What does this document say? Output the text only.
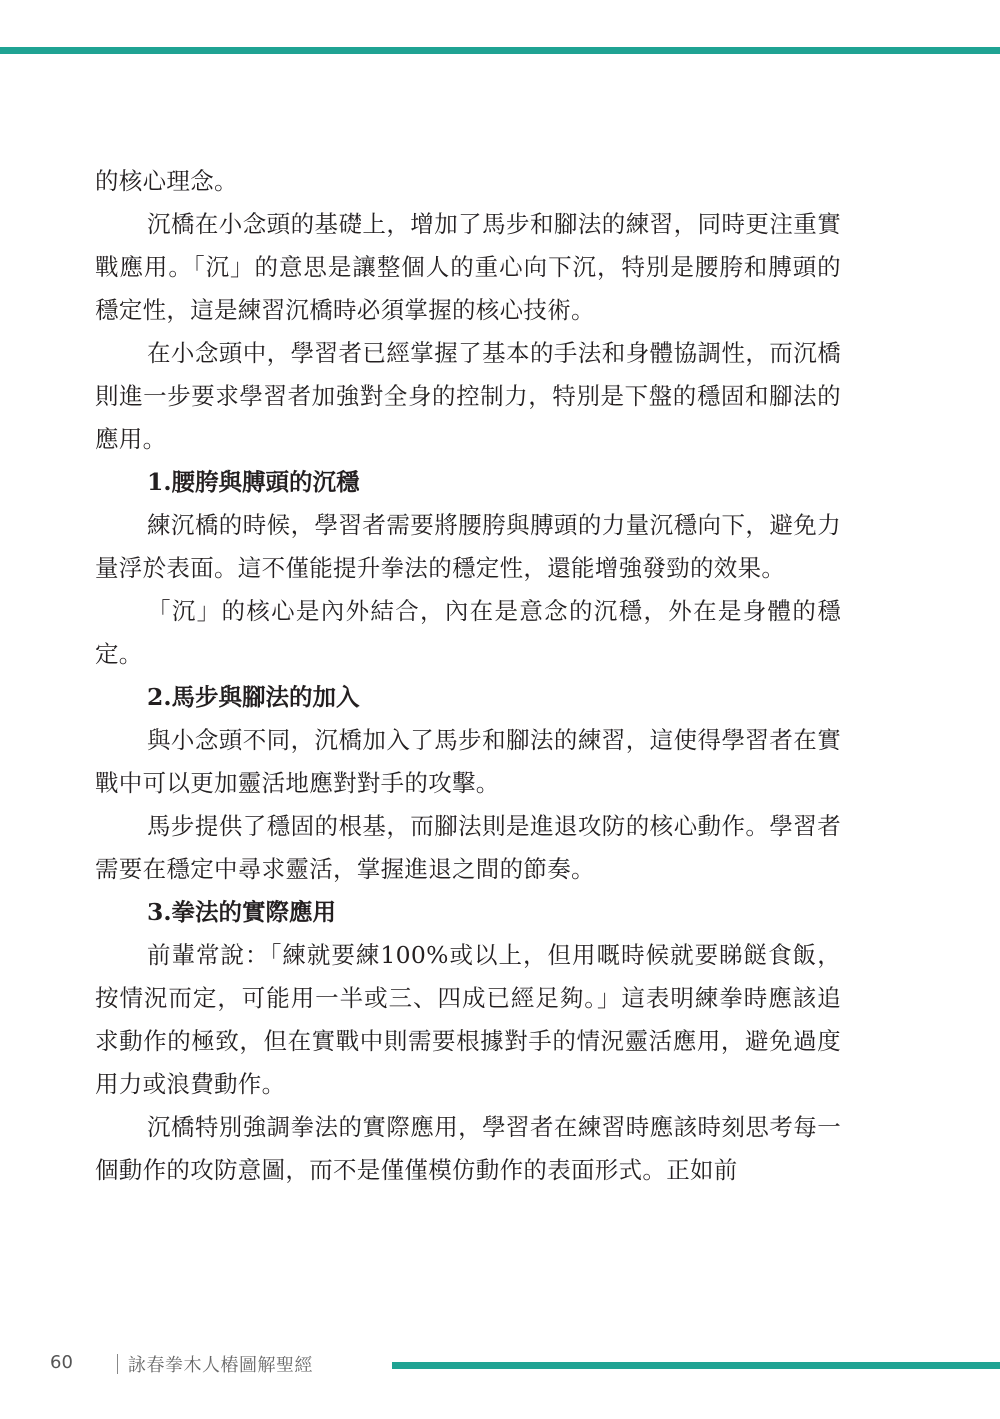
的核心理念。

沉橋在小念頭的基礎上，增加了馬步和腳法的練習，同時更注重實戰應用。「沉」的意思是讓整個人的重心向下沉，特別是腰胯和膊頭的穩定性，這是練習沉橋時必須掌握的核心技術。

在小念頭中，學習者已經掌握了基本的手法和身體協調性，而沉橋則進一步要求學習者加強對全身的控制力，特別是下盤的穩固和腳法的應用。

1.腰胯與膊頭的沉穩

練沉橋的時候，學習者需要將腰胯與膊頭的力量沉穩向下，避免力量浮於表面。這不僅能提升拳法的穩定性，還能增強發勁的效果。

「沉」的核心是內外結合，內在是意念的沉穩，外在是身體的穩定。

2.馬步與腳法的加入

與小念頭不同，沉橋加入了馬步和腳法的練習，這使得學習者在實戰中可以更加靈活地應對對手的攻擊。

馬步提供了穩固的根基，而腳法則是進退攻防的核心動作。學習者需要在穩定中尋求靈活，掌握進退之間的節奏。

3.拳法的實際應用

前輩常說：「練就要練100%或以上，但用嘅時候就要睇餸食飯，按情況而定，可能用一半或三、四成已經足夠。」這表明練拳時應該追求動作的極致，但在實戰中則需要根據對手的情況靈活應用，避免過度用力或浪費動作。

沉橋特別強調拳法的實際應用，學習者在練習時應該時刻思考每一個動作的攻防意圖，而不是僅僅模仿動作的表面形式。正如前

60	詠春拳木人樁圖解聖經
